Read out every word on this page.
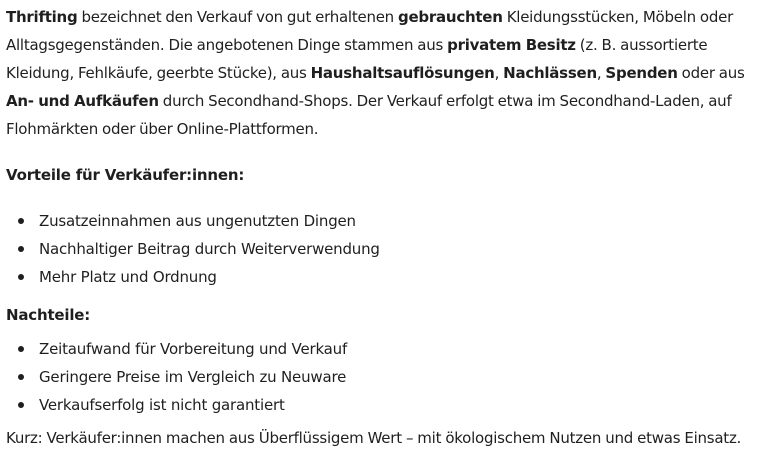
Thrifting bezeichnet den Verkauf von gut erhaltenen gebrauchten Kleidungsstücken, Möbeln oder Alltagsgegenständen. Die angebotenen Dinge stammen aus privatem Besitz (z. B. aussortierte Kleidung, Fehlkäufe, geerbte Stücke), aus Haushaltsauflösungen, Nachlässen, Spenden oder aus An- und Aufkäufen durch Secondhand-Shops. Der Verkauf erfolgt etwa im Secondhand-Laden, auf Flohmärkten oder über Online-Plattformen.

Vorteile für Verkäufer:innen:

Zusatzeinnahmen aus ungenutzten Dingen
Nachhaltiger Beitrag durch Weiterverwendung
Mehr Platz und Ordnung

Nachteile:

Zeitaufwand für Vorbereitung und Verkauf
Geringere Preise im Vergleich zu Neuware
Verkaufserfolg ist nicht garantiert

Kurz: Verkäufer:innen machen aus Überflüssigem Wert – mit ökologischem Nutzen und etwas Einsatz.
